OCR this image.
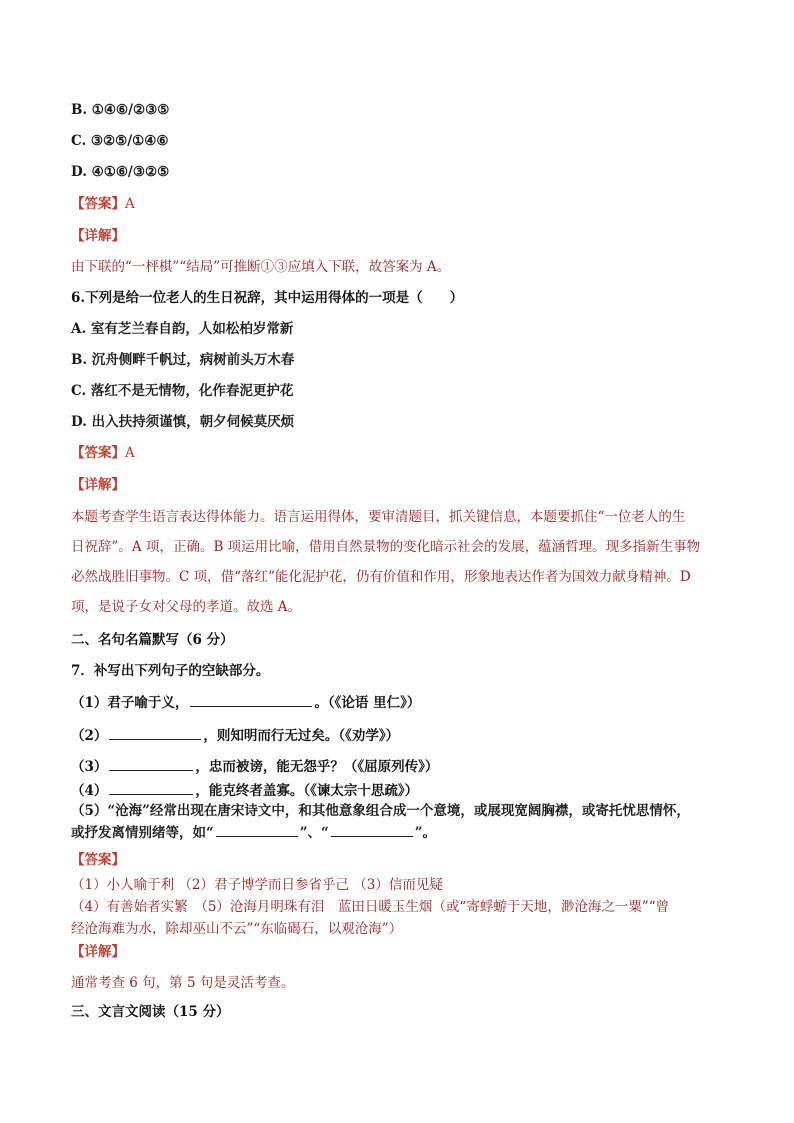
B. ①④⑥/②③⑤
C. ③②⑤/①④⑥
D. ④①⑥/③②⑤
【答案】A
【详解】
由下联的“一枰棋”“结局”可推断①③应填入下联，故答案为 A。
6.下列是给一位老人的生日祝辞，其中运用得体的一项是（　　）
A. 室有芝兰春自韵，人如松柏岁常新
B. 沉舟侧畔千帆过，病树前头万木春
C. 落红不是无情物，化作春泥更护花
D. 出入扶持须谨慎，朝夕伺候莫厌烦
【答案】A
【详解】
本题考查学生语言表达得体能力。语言运用得体，要审清题目，抓关键信息，本题要抓住“一位老人的生
日祝辞”。A 项，正确。B 项运用比喻，借用自然景物的变化暗示社会的发展，蕴涵哲理。现多指新生事物
必然战胜旧事物。C 项，借“落红”能化泥护花，仍有价值和作用，形象地表达作者为国效力献身精神。D
项，是说子女对父母的孝道。故选 A。
二、名句名篇默写（6 分）
7．补写出下列句子的空缺部分。
（1）君子喻于义，	。（《论语 里仁》）
（2）	，则知明而行无过矣。（《劝学》）
（3）	，忠而被谤，能无怨乎？（《屈原列传》）
（4）	，能克终者盖寡。（《谏太宗十思疏》）
（5）“沧海”经常出现在唐宋诗文中，和其他意象组合成一个意境，或展现宽阔胸襟，或寄托忧思情怀，
或抒发离情别绪等，如“	”、“	”。
【答案】
（1）小人喻于利 （2）君子博学而日参省乎己 （3）信而见疑
（4）有善始者实繁　（5）沧海月明珠有泪　蓝田日暖玉生烟（或“寄蜉蝣于天地，渺沧海之一粟”“曾
经沧海难为水，除却巫山不云”“东临碣石，以观沧海”）
【详解】
通常考查 6 句，第 5 句是灵活考查。
三、文言文阅读（15 分）
